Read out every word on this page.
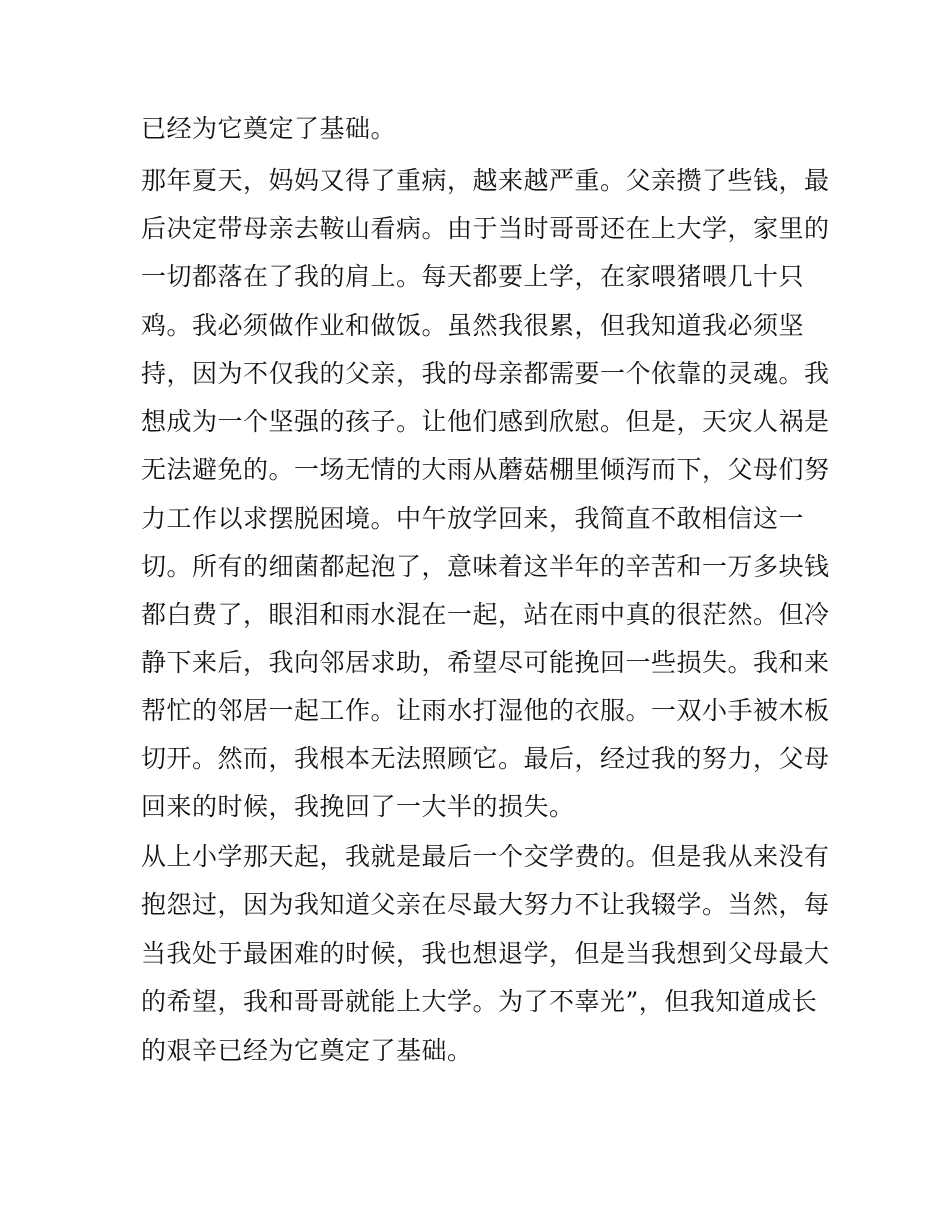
已经为它奠定了基础。
那年夏天，妈妈又得了重病，越来越严重。父亲攒了些钱，最
后决定带母亲去鞍山看病。由于当时哥哥还在上大学，家里的
一切都落在了我的肩上。每天都要上学，在家喂猪喂几十只
鸡。我必须做作业和做饭。虽然我很累，但我知道我必须坚
持，因为不仅我的父亲，我的母亲都需要一个依靠的灵魂。我
想成为一个坚强的孩子。让他们感到欣慰。但是，天灾人祸是
无法避免的。一场无情的大雨从蘑菇棚里倾泻而下，父母们努
力工作以求摆脱困境。中午放学回来，我简直不敢相信这一
切。所有的细菌都起泡了，意味着这半年的辛苦和一万多块钱
都白费了，眼泪和雨水混在一起，站在雨中真的很茫然。但冷
静下来后，我向邻居求助，希望尽可能挽回一些损失。我和来
帮忙的邻居一起工作。让雨水打湿他的衣服。一双小手被木板
切开。然而，我根本无法照顾它。最后，经过我的努力，父母
回来的时候，我挽回了一大半的损失。
从上小学那天起，我就是最后一个交学费的。但是我从来没有
抱怨过，因为我知道父亲在尽最大努力不让我辍学。当然，每
当我处于最困难的时候，我也想退学，但是当我想到父母最大
的希望，我和哥哥就能上大学。为了不辜光”，但我知道成长
的艰辛已经为它奠定了基础。
